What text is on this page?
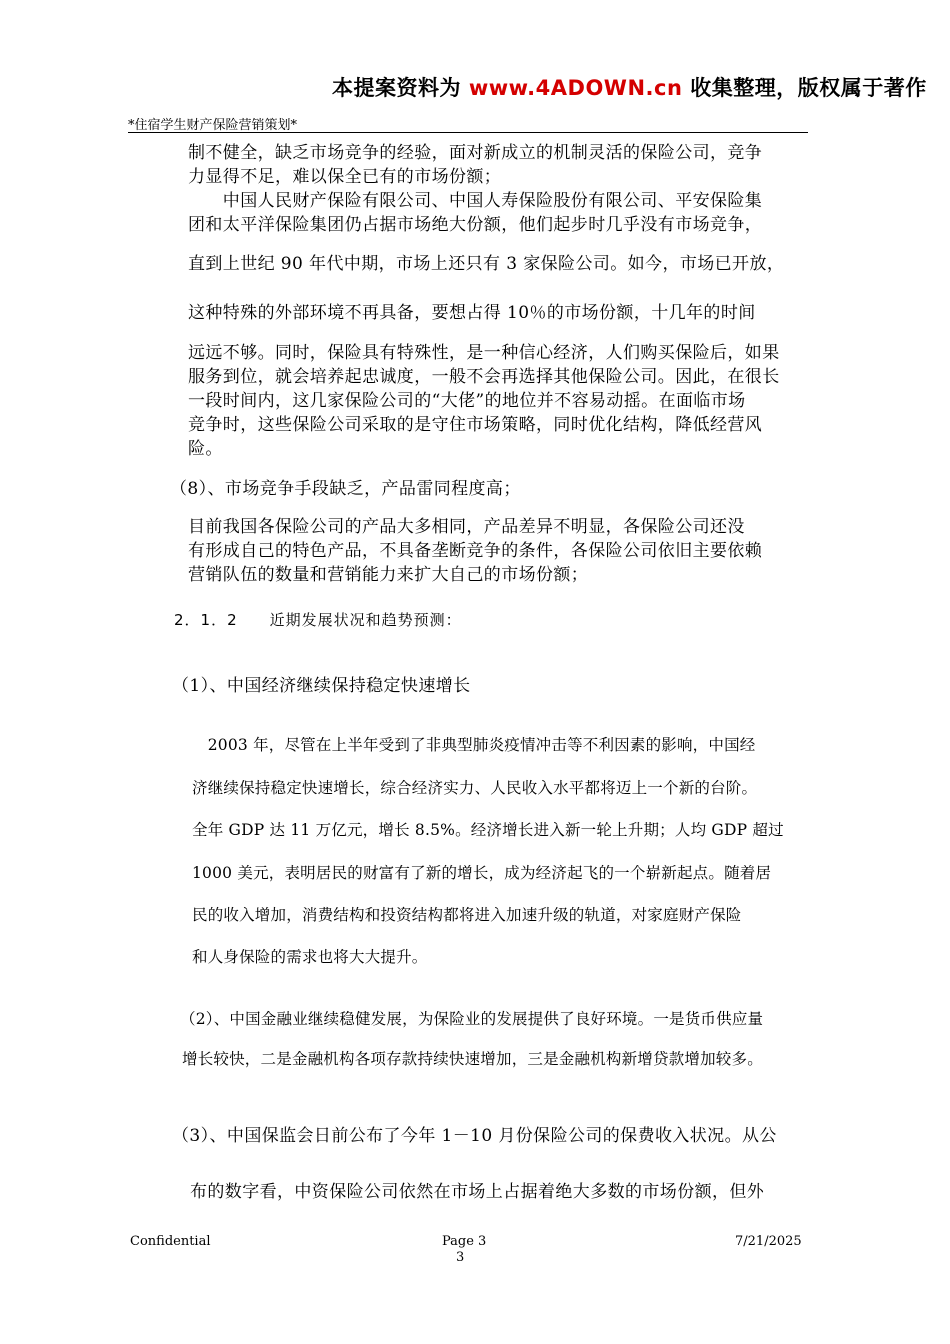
本提案资料为 www.4ADOWN.cn 收集整理，版权属于著作
*住宿学生财产保险营销策划*
制不健全，缺乏市场竞争的经验，面对新成立的机制灵活的保险公司，竞争
力显得不足，难以保全已有的市场份额；
　　中国人民财产保险有限公司、中国人寿保险股份有限公司、平安保险集
团和太平洋保险集团仍占据市场绝大份额，他们起步时几乎没有市场竞争，
直到上世纪 90 年代中期，市场上还只有 3 家保险公司。如今，市场已开放，
这种特殊的外部环境不再具备，要想占得 10％的市场份额，十几年的时间
远远不够。同时，保险具有特殊性，是一种信心经济，人们购买保险后，如果
服务到位，就会培养起忠诚度，一般不会再选择其他保险公司。因此，在很长
一段时间内，这几家保险公司的“大佬”的地位并不容易动摇。在面临市场
竞争时，这些保险公司采取的是守住市场策略，同时优化结构，降低经营风
险。
（8）、市场竞争手段缺乏，产品雷同程度高；
目前我国各保险公司的产品大多相同，产品差异不明显，各保险公司还没
有形成自己的特色产品，不具备垄断竞争的条件，各保险公司依旧主要依赖
营销队伍的数量和营销能力来扩大自己的市场份额；
2．1．2　　近期发展状况和趋势预测：
（1）、中国经济继续保持稳定快速增长
　2003 年，尽管在上半年受到了非典型肺炎疫情冲击等不利因素的影响，中国经
济继续保持稳定快速增长，综合经济实力、人民收入水平都将迈上一个新的台阶。
全年 GDP 达 11 万亿元，增长 8.5%。经济增长进入新一轮上升期；人均 GDP 超过
1000 美元，表明居民的财富有了新的增长，成为经济起飞的一个崭新起点。随着居
民的收入增加，消费结构和投资结构都将进入加速升级的轨道，对家庭财产保险
和人身保险的需求也将大大提升。
（2）、中国金融业继续稳健发展，为保险业的发展提供了良好环境。一是货币供应量
增长较快，二是金融机构各项存款持续快速增加，三是金融机构新增贷款增加较多。
（3）、中国保监会日前公布了今年 1－10 月份保险公司的保费收入状况。从公
布的数字看，中资保险公司依然在市场上占据着绝大多数的市场份额，但外
Confidential	Page 3
3
7/21/2025
